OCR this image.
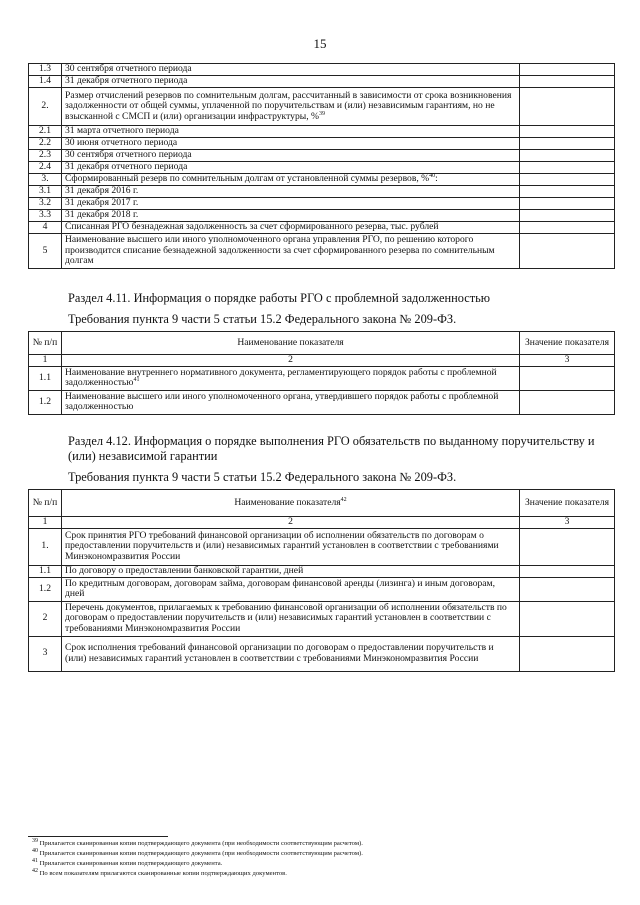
15
1.3	30 сентября отчетного периода	
1.4	31 декабря отчетного периода	
2.	Размер отчислений резервов по сомнительным долгам, рассчитанный в зависимости от срока возникновения задолженности от общей суммы, уплаченной по поручительствам и (или) независимым гарантиям, но не взысканной с СМСП и (или) организации инфраструктуры, %$^{39}$	
2.1	31 марта отчетного периода	
2.2	30 июня отчетного периода	
2.3	30 сентября отчетного периода	
2.4	31 декабря отчетного периода	
3.	Сформированный резерв по сомнительным долгам от установленной суммы резервов, %$^{40}$:	
3.1	31 декабря 2016 г.	
3.2	31 декабря 2017 г.	
3.3	31 декабря 2018 г.	
4	Списанная РГО безнадежная задолженность за счет сформированного резерва, тыс. рублей	
5	Наименование высшего или иного уполномоченного органа управления РГО, по решению которого производится списание безнадежной задолженности за счет сформированного резерва по сомнительным долгам	
Раздел 4.11. Информация о порядке работы РГО с проблемной задолженностью
Требования пункта 9 части 5 статьи 15.2 Федерального закона № 209-ФЗ.
№ п/п	Наименование показателя	Значение показателя
1	2	3
1.1	Наименование внутреннего нормативного документа, регламентирующего порядок работы с проблемной задолженностью$^{41}$	
1.2	Наименование высшего или иного уполномоченного органа, утвердившего порядок работы с проблемной задолженностью	
Раздел 4.12. Информация о порядке выполнения РГО обязательств по выданному поручительству и (или) независимой гарантии
Требования пункта 9 части 5 статьи 15.2 Федерального закона № 209-ФЗ.
№ п/п	Наименование показателя$^{42}$	Значение показателя
1	2	3
1.	Срок принятия РГО требований финансовой организации об исполнении обязательств по договорам о предоставлении поручительств и (или) независимых гарантий установлен в соответствии с требованиями Минэкономразвития России	
1.1	По договору о предоставлении банковской гарантии, дней	
1.2	По кредитным договорам, договорам займа, договорам финансовой аренды (лизинга) и иным договорам, дней	
2	Перечень документов, прилагаемых к требованию финансовой организации об исполнении обязательств по договорам о предоставлении поручительств и (или) независимых гарантий установлен в соответствии с требованиями Минэкономразвития России	
3	Срок исполнения требований финансовой организации по договорам о предоставлении поручительств и (или) независимых гарантий установлен в соответствии с требованиями Минэкономразвития России	
$^{39}$ Прилагается сканированная копия подтверждающего документа (при необходимости соответствующим расчетом).
$^{40}$ Прилагается сканированная копия подтверждающего документа (при необходимости соответствующим расчетом).
$^{41}$ Прилагается сканированная копия подтверждающего документа.
$^{42}$ По всем показателям прилагаются сканированные копии подтверждающих документов.
